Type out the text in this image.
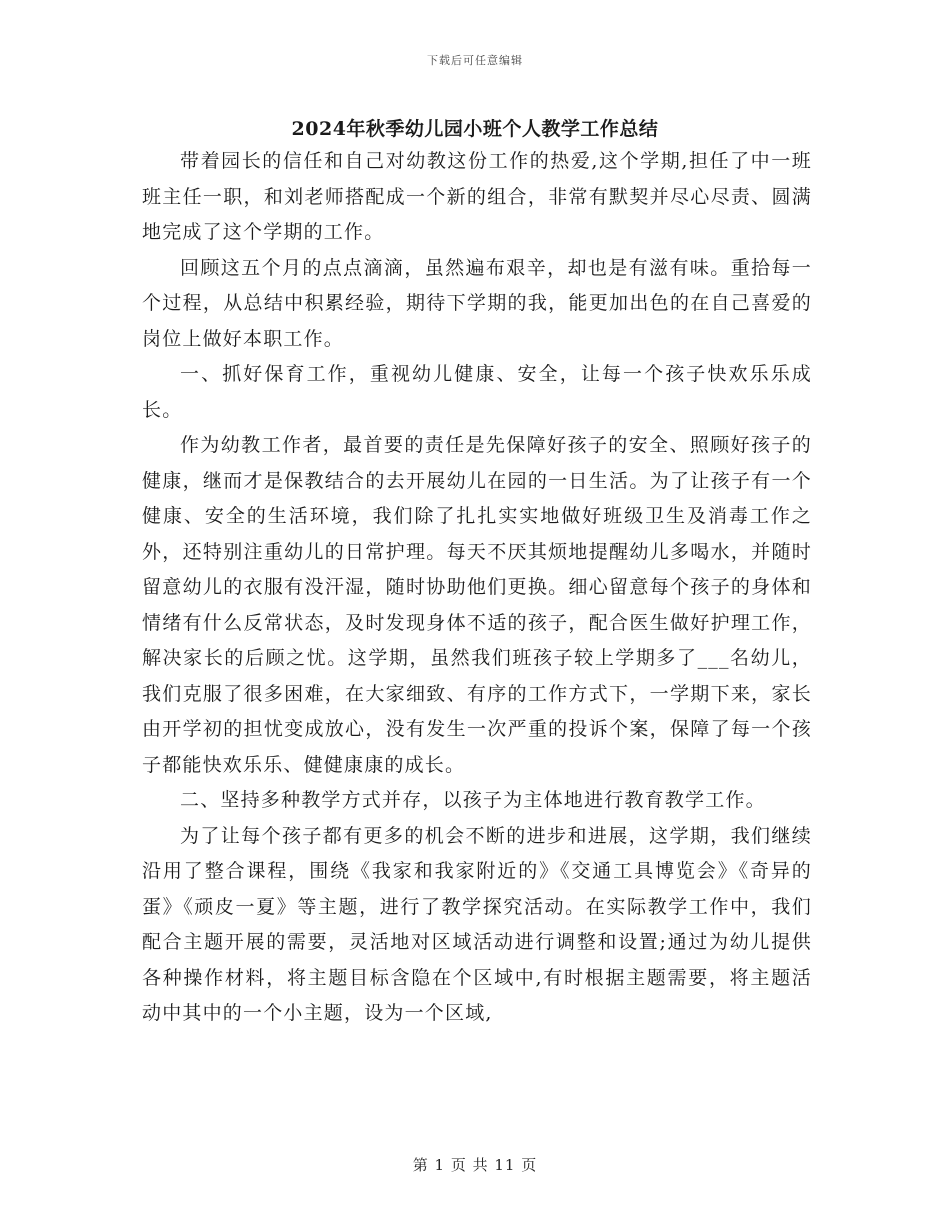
下载后可任意编辑
2024年秋季幼儿园小班个人教学工作总结

带着园长的信任和自己对幼教这份工作的热爱,这个学期,担任了中一班班主任一职，和刘老师搭配成一个新的组合，非常有默契并尽心尽责、圆满地完成了这个学期的工作。

回顾这五个月的点点滴滴，虽然遍布艰辛，却也是有滋有味。重拾每一个过程，从总结中积累经验，期待下学期的我，能更加出色的在自己喜爱的岗位上做好本职工作。

一、抓好保育工作，重视幼儿健康、安全，让每一个孩子快欢乐乐成长。

作为幼教工作者，最首要的责任是先保障好孩子的安全、照顾好孩子的健康，继而才是保教结合的去开展幼儿在园的一日生活。为了让孩子有一个健康、安全的生活环境，我们除了扎扎实实地做好班级卫生及消毒工作之外，还特别注重幼儿的日常护理。每天不厌其烦地提醒幼儿多喝水，并随时留意幼儿的衣服有没汗湿，随时协助他们更换。细心留意每个孩子的身体和情绪有什么反常状态，及时发现身体不适的孩子，配合医生做好护理工作，解决家长的后顾之忧。这学期，虽然我们班孩子较上学期多了___名幼儿，我们克服了很多困难，在大家细致、有序的工作方式下，一学期下来，家长由开学初的担忧变成放心，没有发生一次严重的投诉个案，保障了每一个孩子都能快欢乐乐、健健康康的成长。

二、坚持多种教学方式并存，以孩子为主体地进行教育教学工作。

为了让每个孩子都有更多的机会不断的进步和进展，这学期，我们继续沿用了整合课程，围绕《我家和我家附近的》《交通工具博览会》《奇异的蛋》《顽皮一夏》等主题，进行了教学探究活动。在实际教学工作中，我们配合主题开展的需要，灵活地对区域活动进行调整和设置;通过为幼儿提供各种操作材料，将主题目标含隐在个区域中,有时根据主题需要，将主题活动中其中的一个小主题，设为一个区域,

第 1 页 共 11 页
